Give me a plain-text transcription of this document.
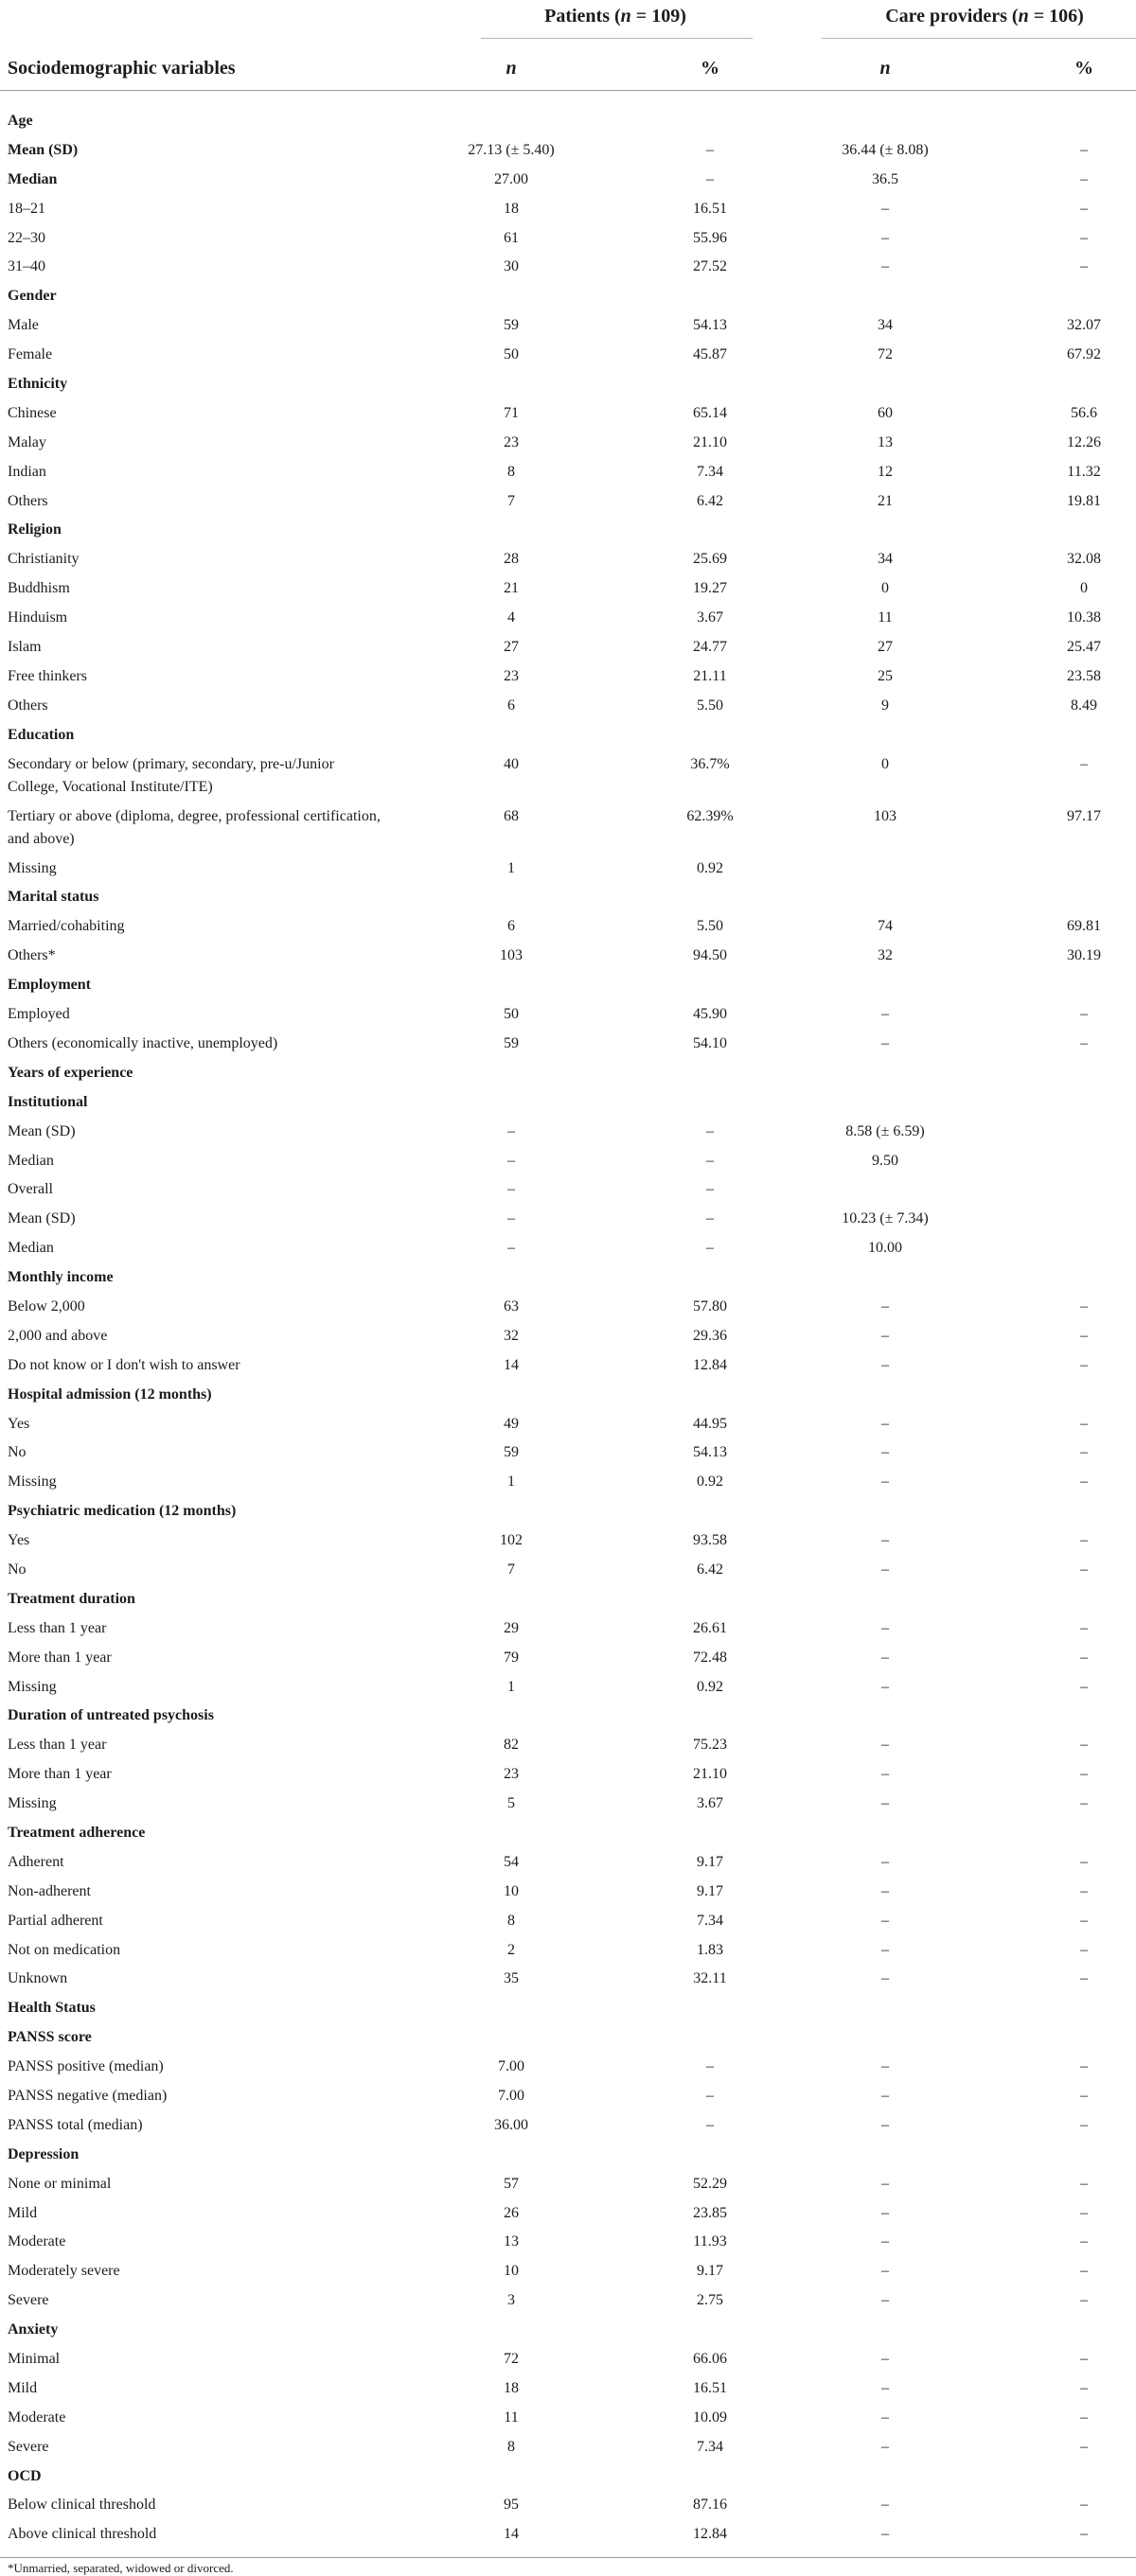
Patients (n = 109)	Care providers (n = 106)
Sociodemographic variables	n	%	n	%
Age
Mean (SD)	27.13 (± 5.40)	–	36.44 (± 8.08)	–
Median	27.00	–	36.5	–
18–21	18	16.51	–	–
22–30	61	55.96	–	–
31–40	30	27.52	–	–
Gender
Male	59	54.13	34	32.07
Female	50	45.87	72	67.92
Ethnicity
Chinese	71	65.14	60	56.6
Malay	23	21.10	13	12.26
Indian	8	7.34	12	11.32
Others	7	6.42	21	19.81
Religion
Christianity	28	25.69	34	32.08
Buddhism	21	19.27	0	0
Hinduism	4	3.67	11	10.38
Islam	27	24.77	27	25.47
Free thinkers	23	21.11	25	23.58
Others	6	5.50	9	8.49
Education
Secondary or below (primary, secondary, pre-u/Junior College, Vocational Institute/ITE)
40	36.7%	0	–
Tertiary or above (diploma, degree, professional certification, and above)
68	62.39%	103	97.17
Missing	1	0.92
Marital status
Married/cohabiting	6	5.50	74	69.81
Others*	103	94.50	32	30.19
Employment
Employed	50	45.90	–	–
Others (economically inactive, unemployed)	59	54.10	–	–
Years of experience
Institutional
Mean (SD)	–	–	8.58 (± 6.59)
Median	–	–	9.50
Overall	–	–
Mean (SD)	–	–	10.23 (± 7.34)
Median	–	–	10.00
Monthly income
Below 2,000	63	57.80	–	–
2,000 and above	32	29.36	–	–
Do not know or I don't wish to answer	14	12.84	–	–
Hospital admission (12 months)
Yes	49	44.95	–	–
No	59	54.13	–	–
Missing	1	0.92	–	–
Psychiatric medication (12 months)
Yes	102	93.58	–	–
No	7	6.42	–	–
Treatment duration
Less than 1 year	29	26.61	–	–
More than 1 year	79	72.48	–	–
Missing	1	0.92	–	–
Duration of untreated psychosis
Less than 1 year	82	75.23	–	–
More than 1 year	23	21.10	–	–
Missing	5	3.67	–	–
Treatment adherence
Adherent	54	9.17	–	–
Non-adherent	10	9.17	–	–
Partial adherent	8	7.34	–	–
Not on medication	2	1.83	–	–
Unknown	35	32.11	–	–
Health Status
PANSS score
PANSS positive (median)	7.00	–	–	–
PANSS negative (median)	7.00	–	–	–
PANSS total (median)	36.00	–	–	–
Depression
None or minimal	57	52.29	–	–
Mild	26	23.85	–	–
Moderate	13	11.93	–	–
Moderately severe	10	9.17	–	–
Severe	3	2.75	–	–
Anxiety
Minimal	72	66.06	–	–
Mild	18	16.51	–	–
Moderate	11	10.09	–	–
Severe	8	7.34	–	–
OCD
Below clinical threshold	95	87.16	–	–
Above clinical threshold	14	12.84	–	–
*Unmarried, separated, widowed or divorced.
